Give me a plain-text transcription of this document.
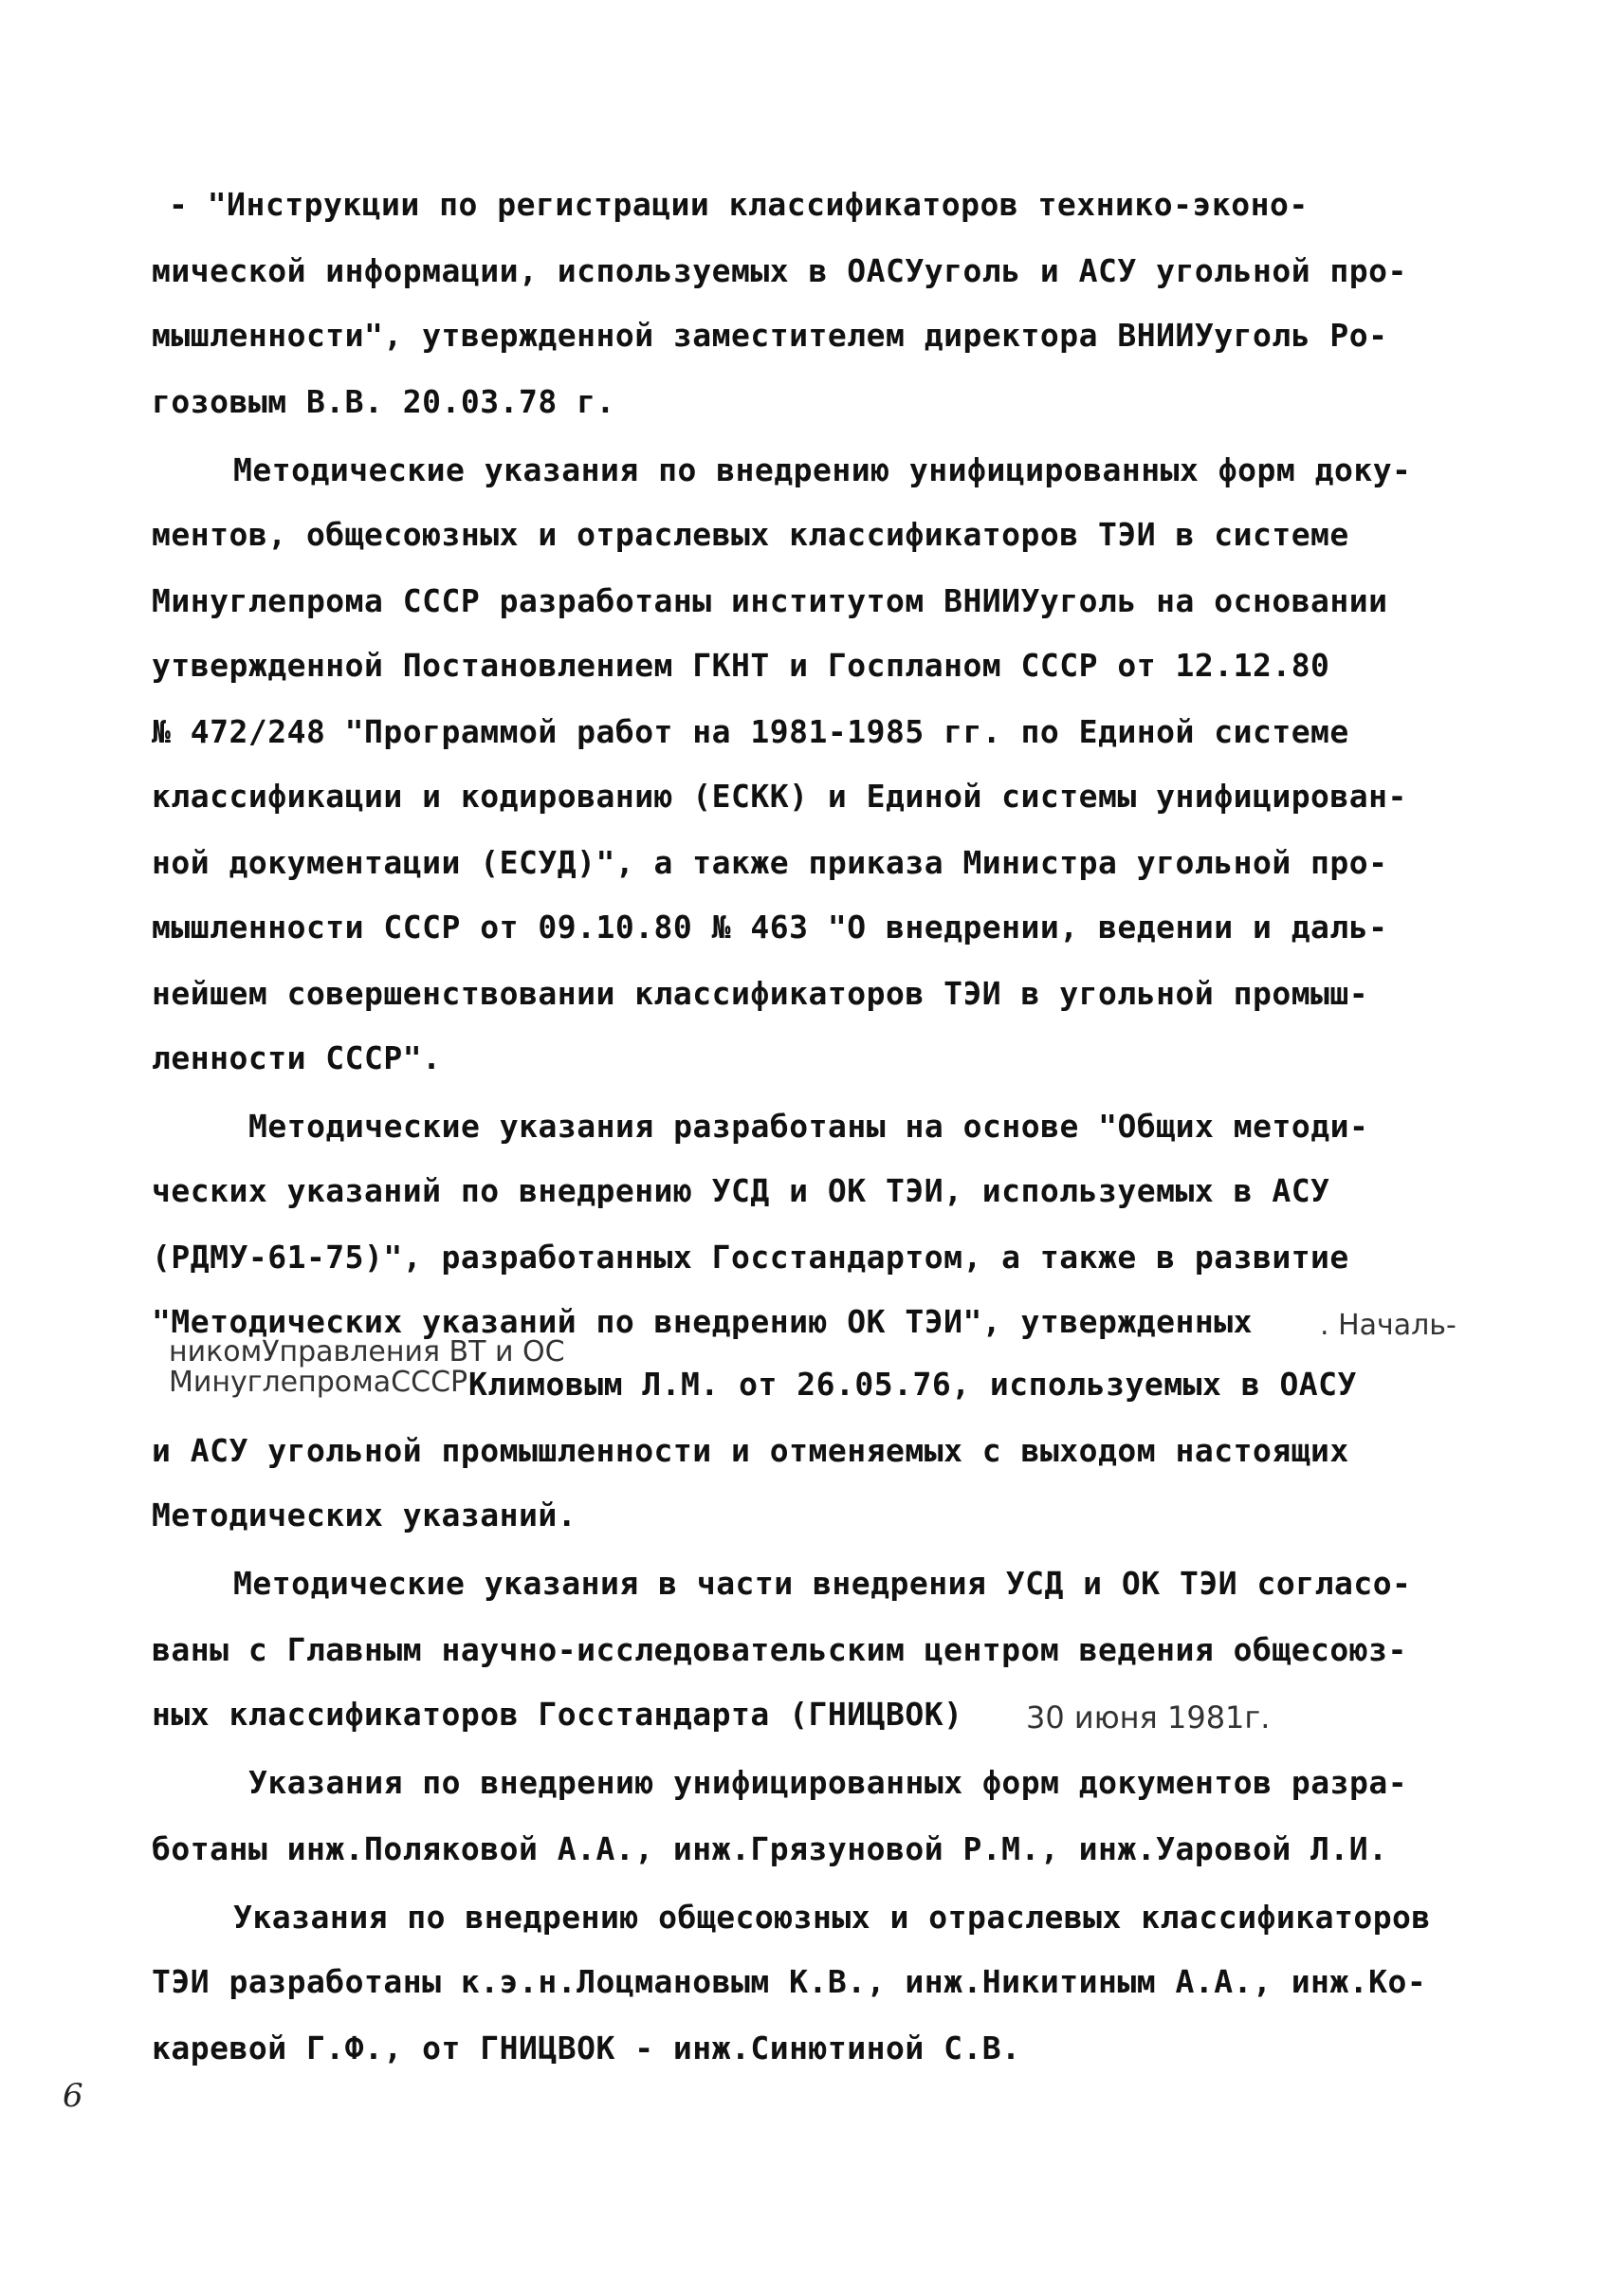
- "Инструкции по регистрации классификаторов технико-эконо-
мической информации, используемых в ОАСУуголь и АСУ угольной про-
мышленности", утвержденной заместителем директора ВНИИУуголь Ро-
гозовым В.В. 20.03.78 г.
Методические указания по внедрению унифицированных форм доку-
ментов, общесоюзных и отраслевых классификаторов ТЭИ в системе
Минуглепрома СССР разработаны институтом ВНИИУуголь на основании
утвержденной Постановлением ГКНТ и Госпланом СССР от 12.12.80
№ 472/248 "Программой работ на 1981-1985 гг. по Единой системе
классификации и кодированию (ЕСКК) и Единой системы унифицирован-
ной документации (ЕСУД)", а также приказа Министра угольной про-
мышленности СССР от 09.10.80 № 463 "О внедрении, ведении и даль-
нейшем совершенствовании классификаторов ТЭИ в угольной промыш-
ленности СССР".
Методические указания разработаны на основе "Общих методи-
ческих указаний по внедрению УСД и ОК ТЭИ, используемых в АСУ
(РДМУ-61-75)", разработанных Госстандартом, а также в развитие
"Методических указаний по внедрению ОК ТЭИ", утвержденных . Началь-
никомУправления ВТ и ОС
МинуглепромаСССР Климовым Л.М. от 26.05.76, используемых в ОАСУ
и АСУ угольной промышленности и отменяемых с выходом настоящих
Методических указаний.
Методические указания в части внедрения УСД и ОК ТЭИ согласо-
ваны с Главным научно-исследовательским центром ведения общесоюз-
ных классификаторов Госстандарта (ГНИЦВОК) 30 июня 1981г.
Указания по внедрению унифицированных форм документов разра-
ботаны инж.Поляковой А.А., инж.Грязуновой Р.М., инж.Уаровой Л.И.
Указания по внедрению общесоюзных и отраслевых классификаторов
ТЭИ разработаны к.э.н.Лоцмановым К.В., инж.Никитиным А.А., инж.Ко-
каревой Г.Ф., от ГНИЦВОК - инж.Синютиной С.В.
6
